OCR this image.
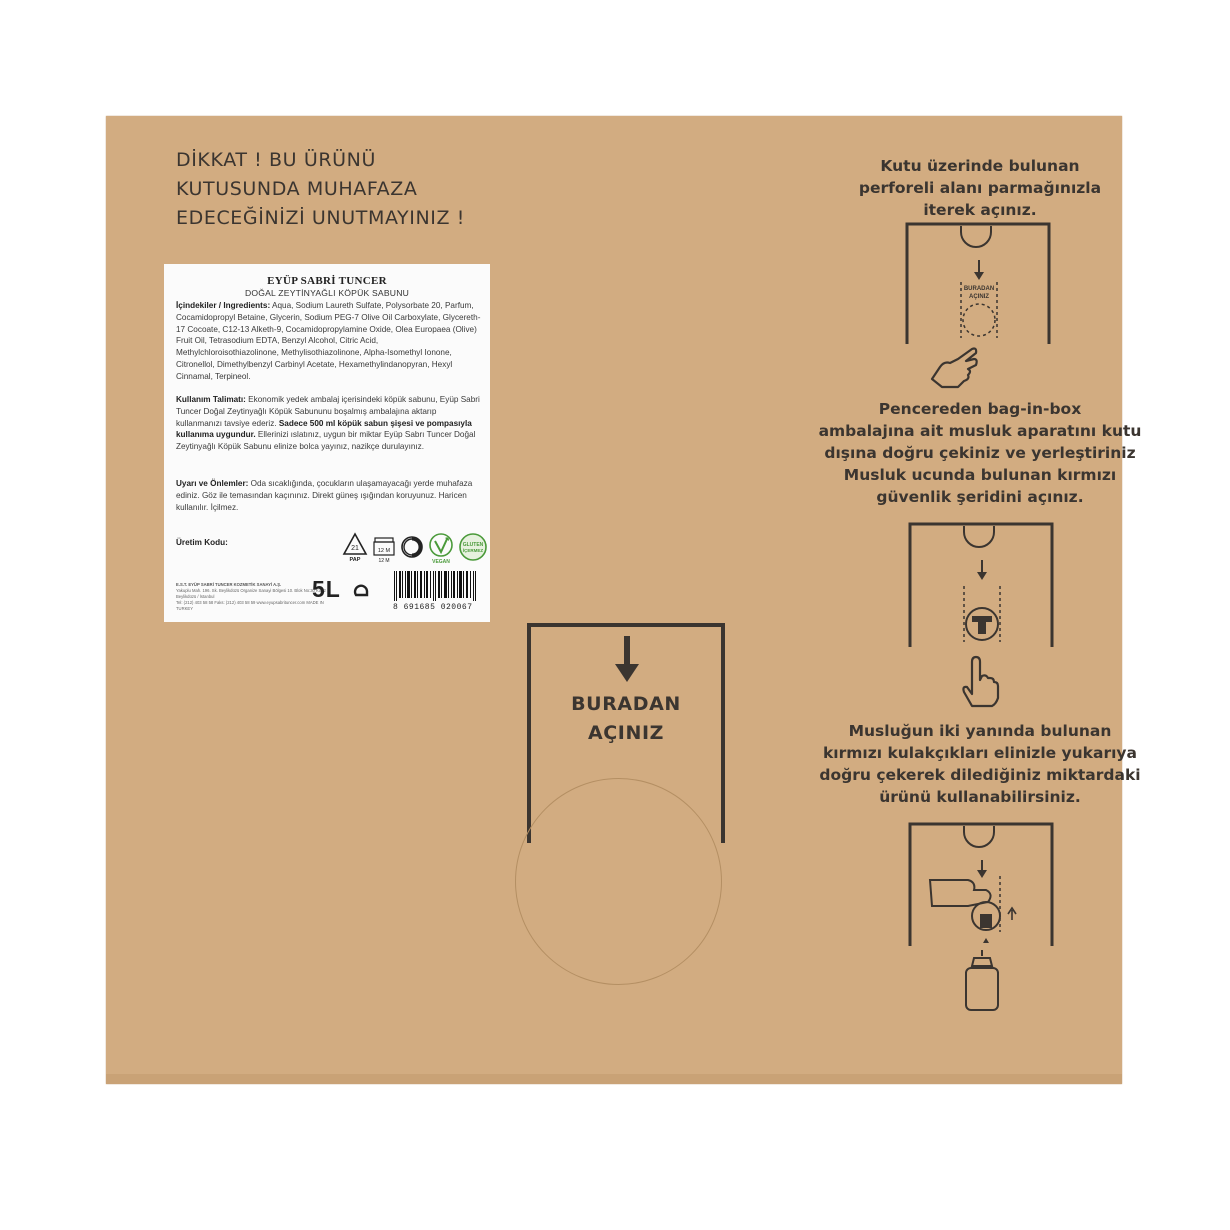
DİKKAT ! BU ÜRÜNÜ
KUTUSUNDA MUHAFAZA
EDECEĞİNİZİ UNUTMAYINIZ !
EYÜP SABRİ TUNCER
DOĞAL ZEYTİNYAĞLI KÖPÜK SABUNU
İçindekiler / Ingredients: Aqua, Sodium Laureth Sulfate, Polysorbate 20, Parfum, Cocamidopropyl Betaine, Glycerin, Sodium PEG-7 Olive Oil Carboxylate, Glycereth-17 Cocoate, C12-13 Alketh-9, Cocamidopropylamine Oxide, Olea Europaea (Olive) Fruit Oil, Tetrasodium EDTA, Benzyl Alcohol, Citric Acid, Methylchloroisothiazolinone, Methylisothiazolinone, Alpha-Isomethyl Ionone, Citronellol, Dimethylbenzyl Carbinyl Acetate, Hexamethylindanopyran, Hexyl Cinnamal, Terpineol.
Kullanım Talimatı: Ekonomik yedek ambalaj içerisindeki köpük sabunu, Eyüp Sabri Tuncer Doğal Zeytinyağlı Köpük Sabununu boşalmış ambalajına aktarıp kullanmanızı tavsiye ederiz. Sadece 500 ml köpük sabun şişesi ve pompasıyla kullanıma uygundur. Ellerinizi ıslatınız, uygun bir miktar Eyüp Sabrı Tuncer Doğal Zeytinyağlı Köpük Sabunu elinize bolca yayınız, nazikçe durulayınız.
Uyarı ve Önlemler: Oda sıcaklığında, çocukların ulaşamayacağı yerde muhafaza ediniz. Göz ile temasından kaçınınız. Direkt güneş ışığından koruyunuz. Haricen kullanılır. İçilmez.
Üretim Kodu:
21
PAP
12 M
12 M	VEGAN
GLUTEN
İÇERMEZ
E.S.T. EYÜP SABRİ TUNCER KOZMETİK SANAYİ A.Ş.
Yakuplu Mah. 196. Sk. Beylikdüzü Organize Sanayi Bölgesi 10. Blok No:30 Kat:2 Beylikdüzü / İstanbul
Tel: (212) 403 58 58 Faks: (212) 403 58 59 www.eyupsabrituncer.com MADE IN TURKEY
5L
8 691685 020067
BURADAN
AÇINIZ
Kutu üzerinde bulunan
perforeli alanı parmağınızla
iterek açınız.
BURADAN
AÇINIZ
Pencereden bag-in-box
ambalajına ait musluk aparatını kutu
dışına doğru çekiniz ve yerleştiriniz
Musluk ucunda bulunan kırmızı
güvenlik şeridini açınız.
Musluğun iki yanında bulunan
kırmızı kulakçıkları elinizle yukarıya
doğru çekerek dilediğiniz miktardaki
ürünü kullanabilirsiniz.
